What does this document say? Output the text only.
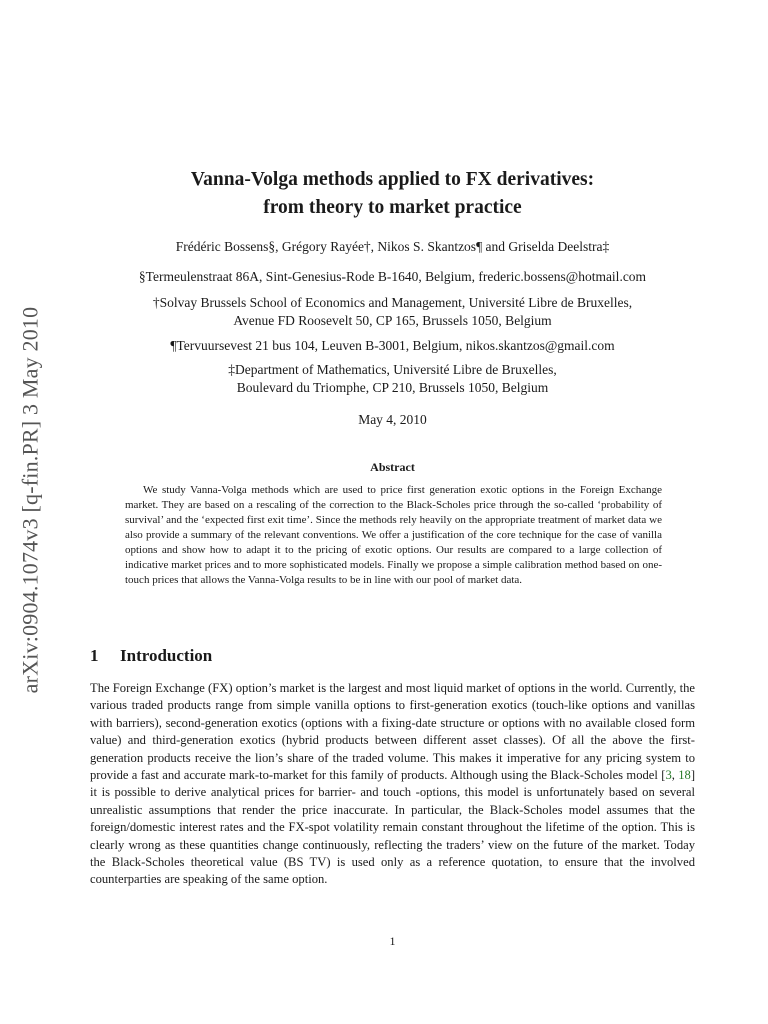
arXiv:0904.1074v3 [q-fin.PR] 3 May 2010
Vanna-Volga methods applied to FX derivatives:
from theory to market practice
Frédéric Bossens§, Grégory Rayée†, Nikos S. Skantzos¶ and Griselda Deelstra‡
§Termeulenstraat 86A, Sint-Genesius-Rode B-1640, Belgium, frederic.bossens@hotmail.com
†Solvay Brussels School of Economics and Management, Université Libre de Bruxelles,
Avenue FD Roosevelt 50, CP 165, Brussels 1050, Belgium
¶Tervuursevest 21 bus 104, Leuven B-3001, Belgium, nikos.skantzos@gmail.com
‡Department of Mathematics, Université Libre de Bruxelles,
Boulevard du Triomphe, CP 210, Brussels 1050, Belgium
May 4, 2010
Abstract

We study Vanna-Volga methods which are used to price first generation exotic options in the Foreign Exchange market. They are based on a rescaling of the correction to the Black-Scholes price through the so-called ‘probability of survival’ and the ‘expected first exit time’. Since the methods rely heavily on the appropriate treatment of market data we also provide a summary of the relevant conventions. We offer a justification of the core technique for the case of vanilla options and show how to adapt it to the pricing of exotic options. Our results are compared to a large collection of indicative market prices and to more sophisticated models. Finally we propose a simple calibration method based on one-touch prices that allows the Vanna-Volga results to be in line with our pool of market data.

1 Introduction

The Foreign Exchange (FX) option’s market is the largest and most liquid market of options in the world. Currently, the various traded products range from simple vanilla options to first-generation exotics (touch-like options and vanillas with barriers), second-generation exotics (options with a fixing-date structure or options with no available closed form value) and third-generation exotics (hybrid products between different asset classes). Of all the above the first-generation products receive the lion’s share of the traded volume. This makes it imperative for any pricing system to provide a fast and accurate mark-to-market for this family of products. Although using the Black-Scholes model [3, 18] it is possible to derive analytical prices for barrier- and touch -options, this model is unfortunately based on several unrealistic assumptions that render the price inaccurate. In particular, the Black-Scholes model assumes that the foreign/domestic interest rates and the FX-spot volatility remain constant throughout the lifetime of the option. This is clearly wrong as these quantities change continuously, reflecting the traders’ view on the future of the market. Today the Black-Scholes theoretical value (BS TV) is used only as a reference quotation, to ensure that the involved counterparties are speaking of the same option.

1
